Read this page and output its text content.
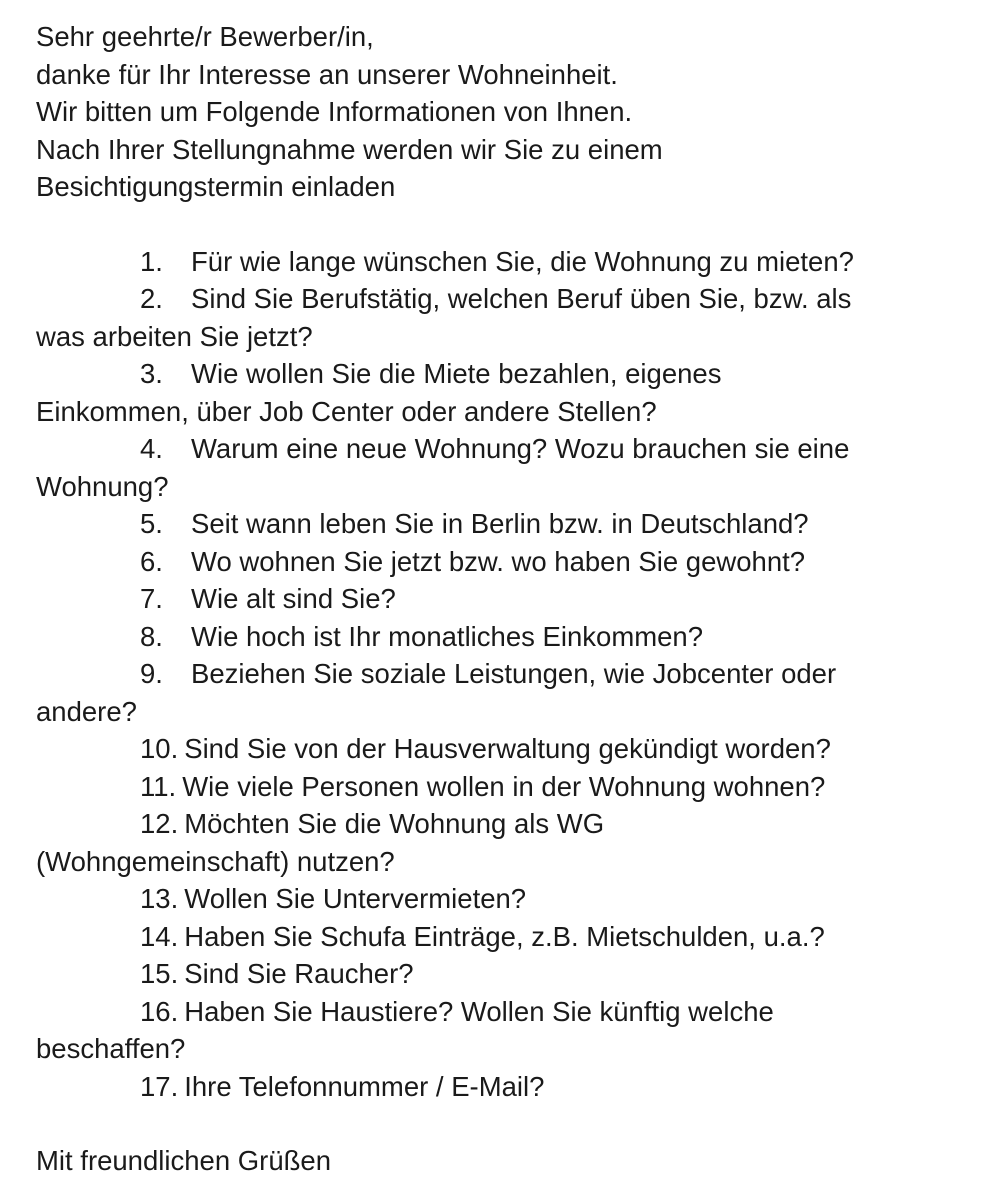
Sehr geehrte/r Bewerber/in,

danke für Ihr Interesse an unserer Wohneinheit.

Wir bitten um Folgende Informationen von Ihnen.

Nach Ihrer Stellungnahme werden wir Sie zu einem

Besichtigungstermin einladen

1. Für wie lange wünschen Sie, die Wohnung zu mieten?
2. Sind Sie Berufstätig, welchen Beruf üben Sie, bzw. als
was arbeiten Sie jetzt?
3. Wie wollen Sie die Miete bezahlen, eigenes
Einkommen, über Job Center oder andere Stellen?
4. Warum eine neue Wohnung? Wozu brauchen sie eine
Wohnung?
5. Seit wann leben Sie in Berlin bzw. in Deutschland?
6. Wo wohnen Sie jetzt bzw. wo haben Sie gewohnt?
7. Wie alt sind Sie?
8. Wie hoch ist Ihr monatliches Einkommen?
9. Beziehen Sie soziale Leistungen, wie Jobcenter oder
andere?
10. Sind Sie von der Hausverwaltung gekündigt worden?
11. Wie viele Personen wollen in der Wohnung wohnen?
12. Möchten Sie die Wohnung als WG
(Wohngemeinschaft) nutzen?
13. Wollen Sie Untervermieten?
14. Haben Sie Schufa Einträge, z.B. Mietschulden, u.a.?
15. Sind Sie Raucher?
16. Haben Sie Haustiere? Wollen Sie künftig welche
beschaffen?
17. Ihre Telefonnummer / E-Mail?

Mit freundlichen Grüßen
